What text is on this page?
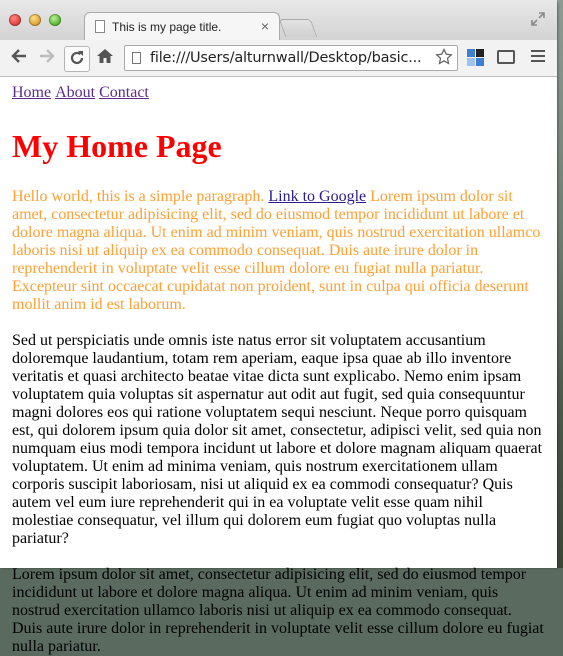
This is my page title.	×
file:///Users/alturnwall/Desktop/basic...
Home About Contact
My Home Page

Hello world, this is a simple paragraph. Link to Google Lorem ipsum dolor sit amet, consectetur adipisicing elit, sed do eiusmod tempor incididunt ut labore et dolore magna aliqua. Ut enim ad minim veniam, quis nostrud exercitation ullamco laboris nisi ut aliquip ex ea commodo consequat. Duis aute irure dolor in reprehenderit in voluptate velit esse cillum dolore eu fugiat nulla pariatur. Excepteur sint occaecat cupidatat non proident, sunt in culpa qui officia deserunt mollit anim id est laborum.

Sed ut perspiciatis unde omnis iste natus error sit voluptatem accusantium doloremque laudantium, totam rem aperiam, eaque ipsa quae ab illo inventore veritatis et quasi architecto beatae vitae dicta sunt explicabo. Nemo enim ipsam voluptatem quia voluptas sit aspernatur aut odit aut fugit, sed quia consequuntur magni dolores eos qui ratione voluptatem sequi nesciunt. Neque porro quisquam est, qui dolorem ipsum quia dolor sit amet, consectetur, adipisci velit, sed quia non numquam eius modi tempora incidunt ut labore et dolore magnam aliquam quaerat voluptatem. Ut enim ad minima veniam, quis nostrum exercitationem ullam corporis suscipit laboriosam, nisi ut aliquid ex ea commodi consequatur? Quis autem vel eum iure reprehenderit qui in ea voluptate velit esse quam nihil molestiae consequatur, vel illum qui dolorem eum fugiat quo voluptas nulla pariatur?

Lorem ipsum dolor sit amet, consectetur adipisicing elit, sed do eiusmod tempor incididunt ut labore et dolore magna aliqua. Ut enim ad minim veniam, quis nostrud exercitation ullamco laboris nisi ut aliquip ex ea commodo consequat. Duis aute irure dolor in reprehenderit in voluptate velit esse cillum dolore eu fugiat nulla pariatur.
